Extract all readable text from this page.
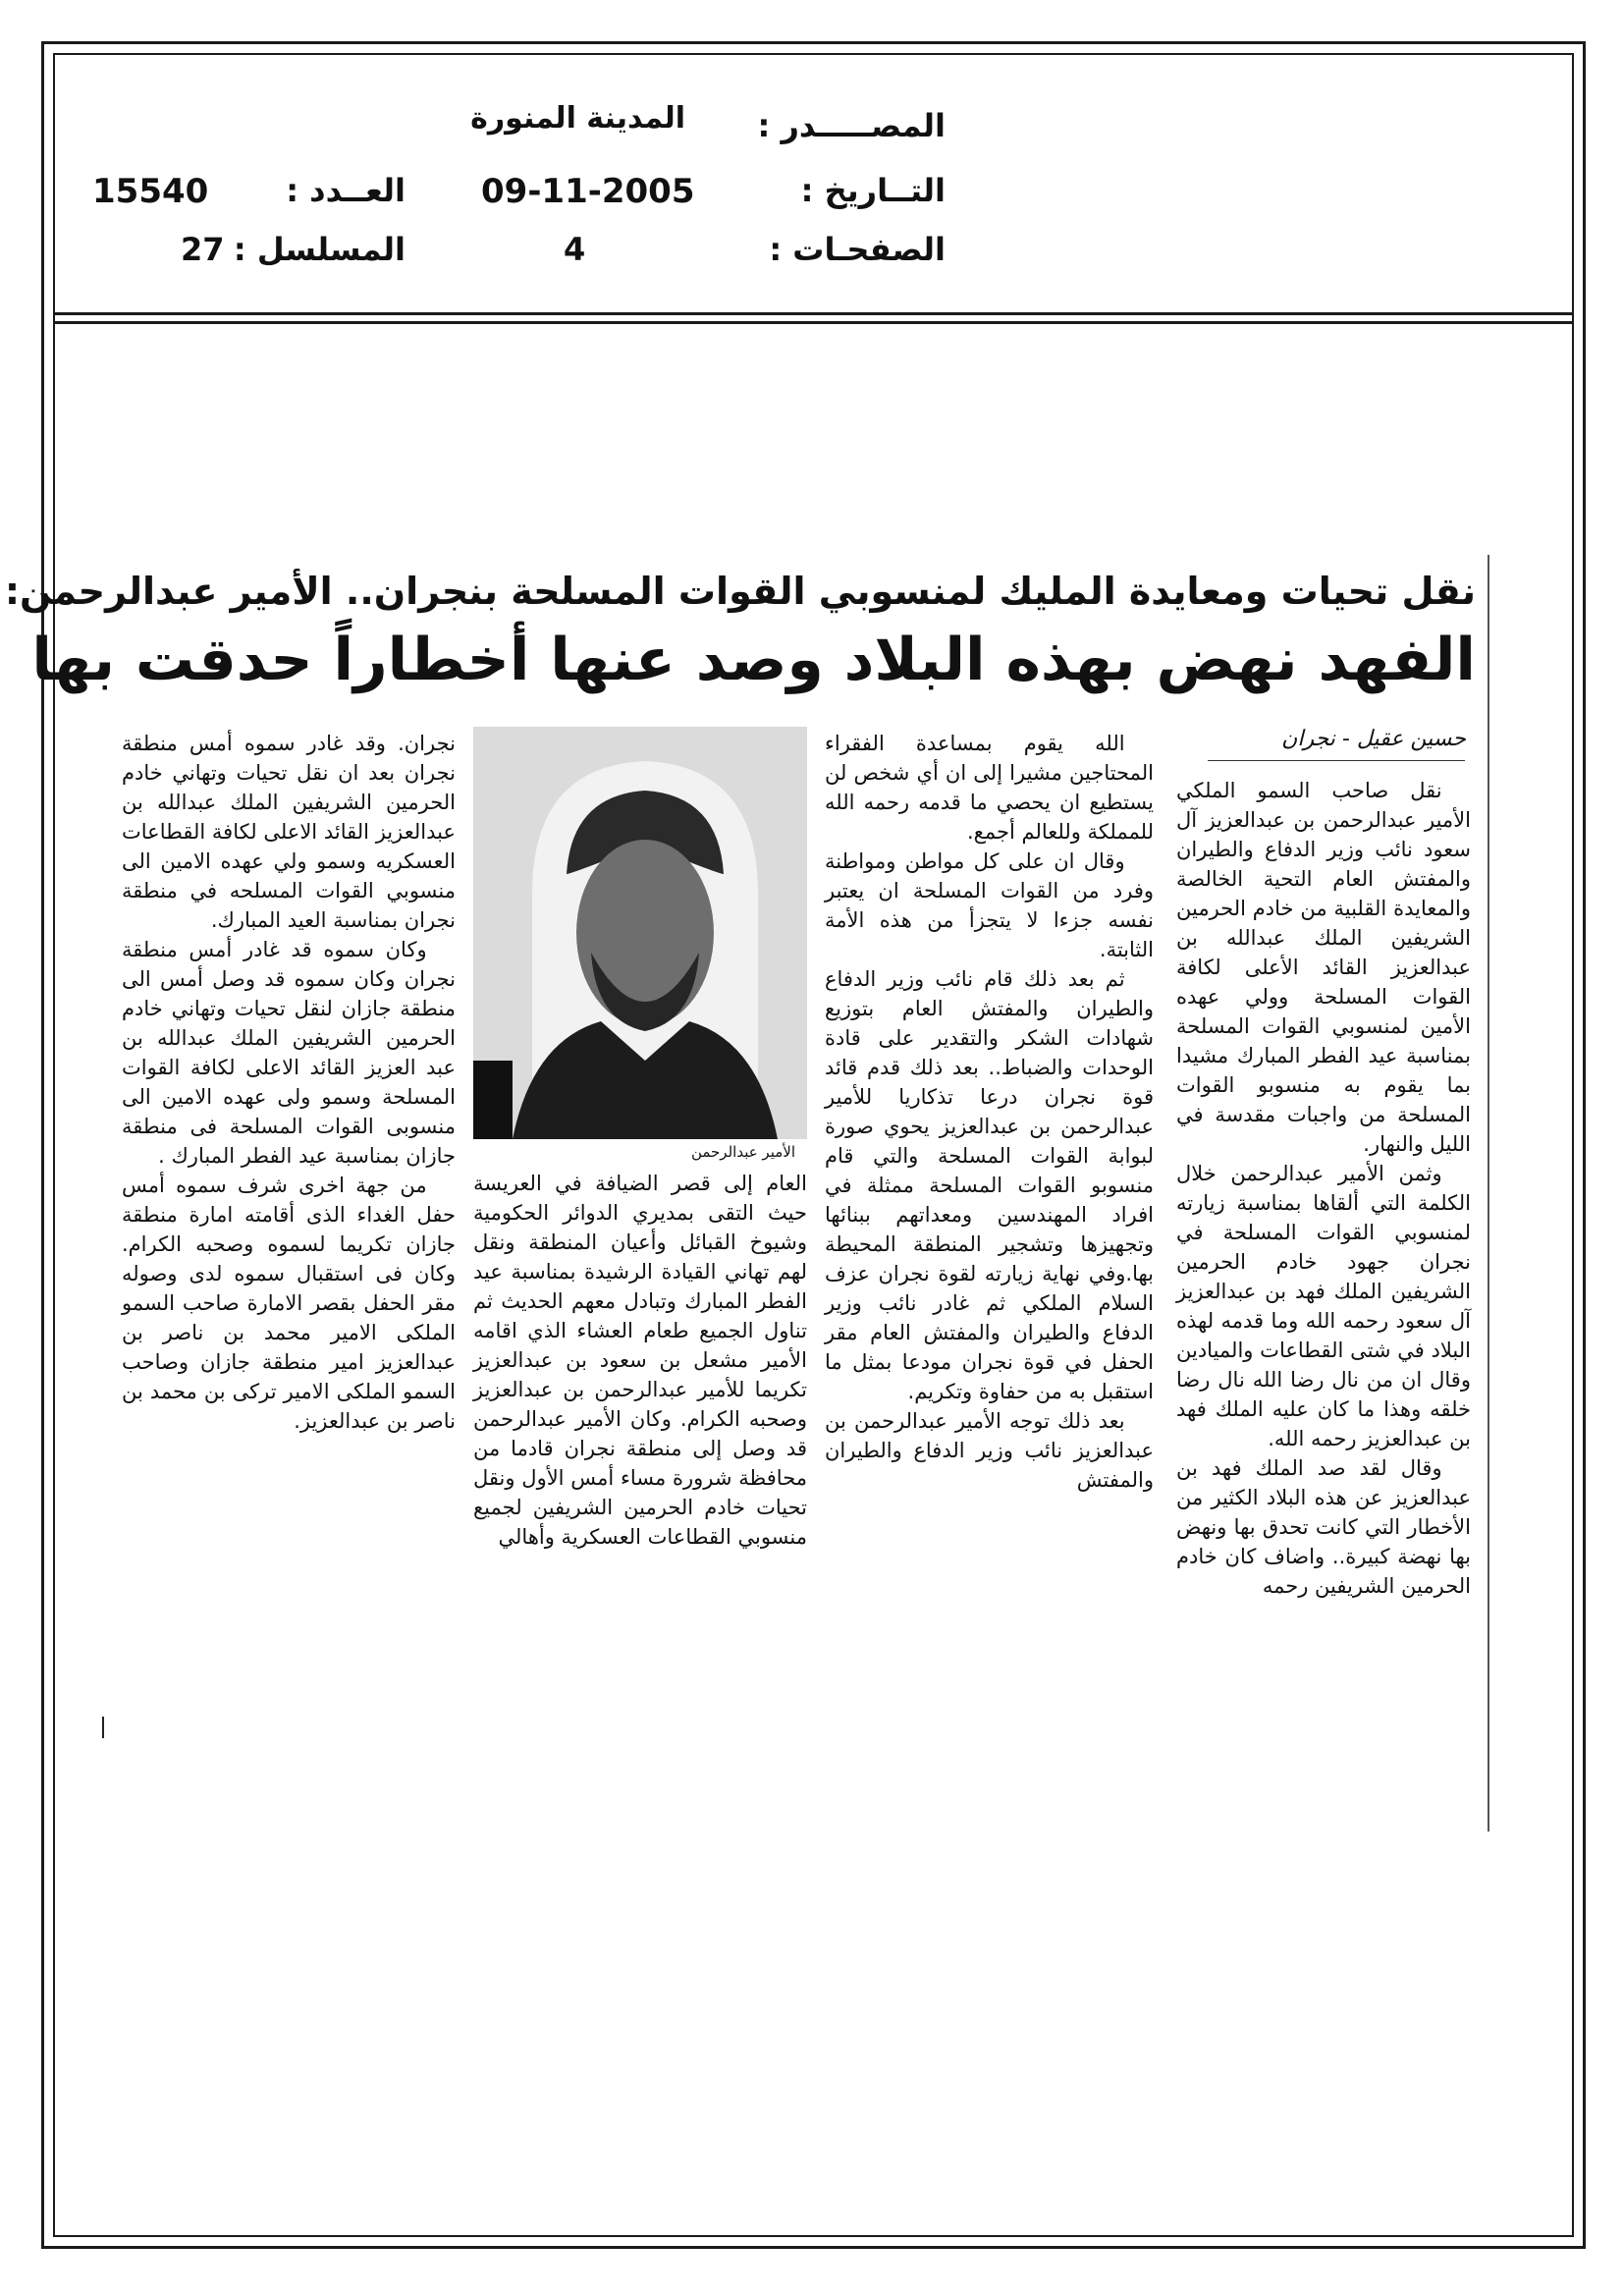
المصـــــدر :
المدينة المنورة
التــاريخ :
09-11-2005
الصفحـات :
4
العــدد :
15540
المسلسل :
27
نقل تحيات ومعايدة المليك لمنسوبي القوات المسلحة بنجران.. الأمير عبدالرحمن:
الفهد نهض بهذه البلاد وصد عنها أخطاراً حدقت بها
حسين عقيل - نجران

نقل صاحب السمو الملكي الأمير عبدالرحمن بن عبدالعزيز آل سعود نائب وزير الدفاع والطيران والمفتش العام التحية الخالصة والمعايدة القلبية من خادم الحرمين الشريفين الملك عبدالله بن عبدالعزيز القائد الأعلى لكافة القوات المسلحة وولي عهده الأمين لمنسوبي القوات المسلحة بمناسبة عيد الفطر المبارك مشيدا بما يقوم به منسوبو القوات المسلحة من واجبات مقدسة في الليل والنهار.

وثمن الأمير عبدالرحمن خلال الكلمة التي ألقاها بمناسبة زيارته لمنسوبي القوات المسلحة في نجران جهود خادم الحرمين الشريفين الملك فهد بن عبدالعزيز آل سعود رحمه الله وما قدمه لهذه البلاد في شتى القطاعات والميادين وقال ان من نال رضا الله نال رضا خلقه وهذا ما كان عليه الملك فهد بن عبدالعزيز رحمه الله.

وقال لقد صد الملك فهد بن عبدالعزيز عن هذه البلاد الكثير من الأخطار التي كانت تحدق بها ونهض بها نهضة كبيرة.. واضاف كان خادم الحرمين الشريفين رحمه

الله يقوم بمساعدة الفقراء المحتاجين مشيرا إلى ان أي شخص لن يستطيع ان يحصي ما قدمه رحمه الله للمملكة وللعالم أجمع.

وقال ان على كل مواطن ومواطنة وفرد من القوات المسلحة ان يعتبر نفسه جزءا لا يتجزأ من هذه الأمة الثابتة.

ثم بعد ذلك قام نائب وزير الدفاع والطيران والمفتش العام بتوزيع شهادات الشكر والتقدير على قادة الوحدات والضباط.. بعد ذلك قدم قائد قوة نجران درعا تذكاريا للأمير عبدالرحمن بن عبدالعزيز يحوي صورة لبوابة القوات المسلحة والتي قام منسوبو القوات المسلحة ممثلة في افراد المهندسين ومعداتهم ببنائها وتجهيزها وتشجير المنطقة المحيطة بها.وفي نهاية زيارته لقوة نجران عزف السلام الملكي ثم غادر نائب وزير الدفاع والطيران والمفتش العام مقر الحفل في قوة نجران مودعا بمثل ما استقبل به من حفاوة وتكريم.

بعد ذلك توجه الأمير عبدالرحمن بن عبدالعزيز نائب وزير الدفاع والطيران والمفتش

الأمير عبدالرحمن

العام إلى قصر الضيافة في العريسة حيث التقى بمديري الدوائر الحكومية وشيوخ القبائل وأعيان المنطقة ونقل لهم تهاني القيادة الرشيدة بمناسبة عيد الفطر المبارك وتبادل معهم الحديث ثم تناول الجميع طعام العشاء الذي اقامه الأمير مشعل بن سعود بن عبدالعزيز تكريما للأمير عبدالرحمن بن عبدالعزيز وصحبه الكرام. وكان الأمير عبدالرحمن قد وصل إلى منطقة نجران قادما من محافظة شرورة مساء أمس الأول ونقل تحيات خادم الحرمين الشريفين لجميع منسوبي القطاعات العسكرية وأهالي

نجران. وقد غادر سموه أمس منطقة نجران بعد ان نقل تحيات وتهاني خادم الحرمين الشريفين الملك عبدالله بن عبدالعزيز القائد الاعلى لكافة القطاعات العسكريه وسمو ولي عهده الامين الى منسوبي القوات المسلحه في منطقة نجران بمناسبة العيد المبارك.

وكان سموه قد غادر أمس منطقة نجران وكان سموه قد وصل أمس الى منطقة جازان لنقل تحيات وتهاني خادم الحرمين الشريفين الملك عبدالله بن عبد العزيز القائد الاعلى لكافة القوات المسلحة وسمو ولى عهده الامين الى منسوبى القوات المسلحة فى منطقة جازان بمناسبة عيد الفطر المبارك .

من جهة اخرى شرف سموه أمس حفل الغداء الذى أقامته امارة منطقة جازان تكريما لسموه وصحبه الكرام. وكان فى استقبال سموه لدى وصوله مقر الحفل بقصر الامارة صاحب السمو الملكى الامير محمد بن ناصر بن عبدالعزيز امير منطقة جازان وصاحب السمو الملكى الامير تركى بن محمد بن ناصر بن عبدالعزيز.
